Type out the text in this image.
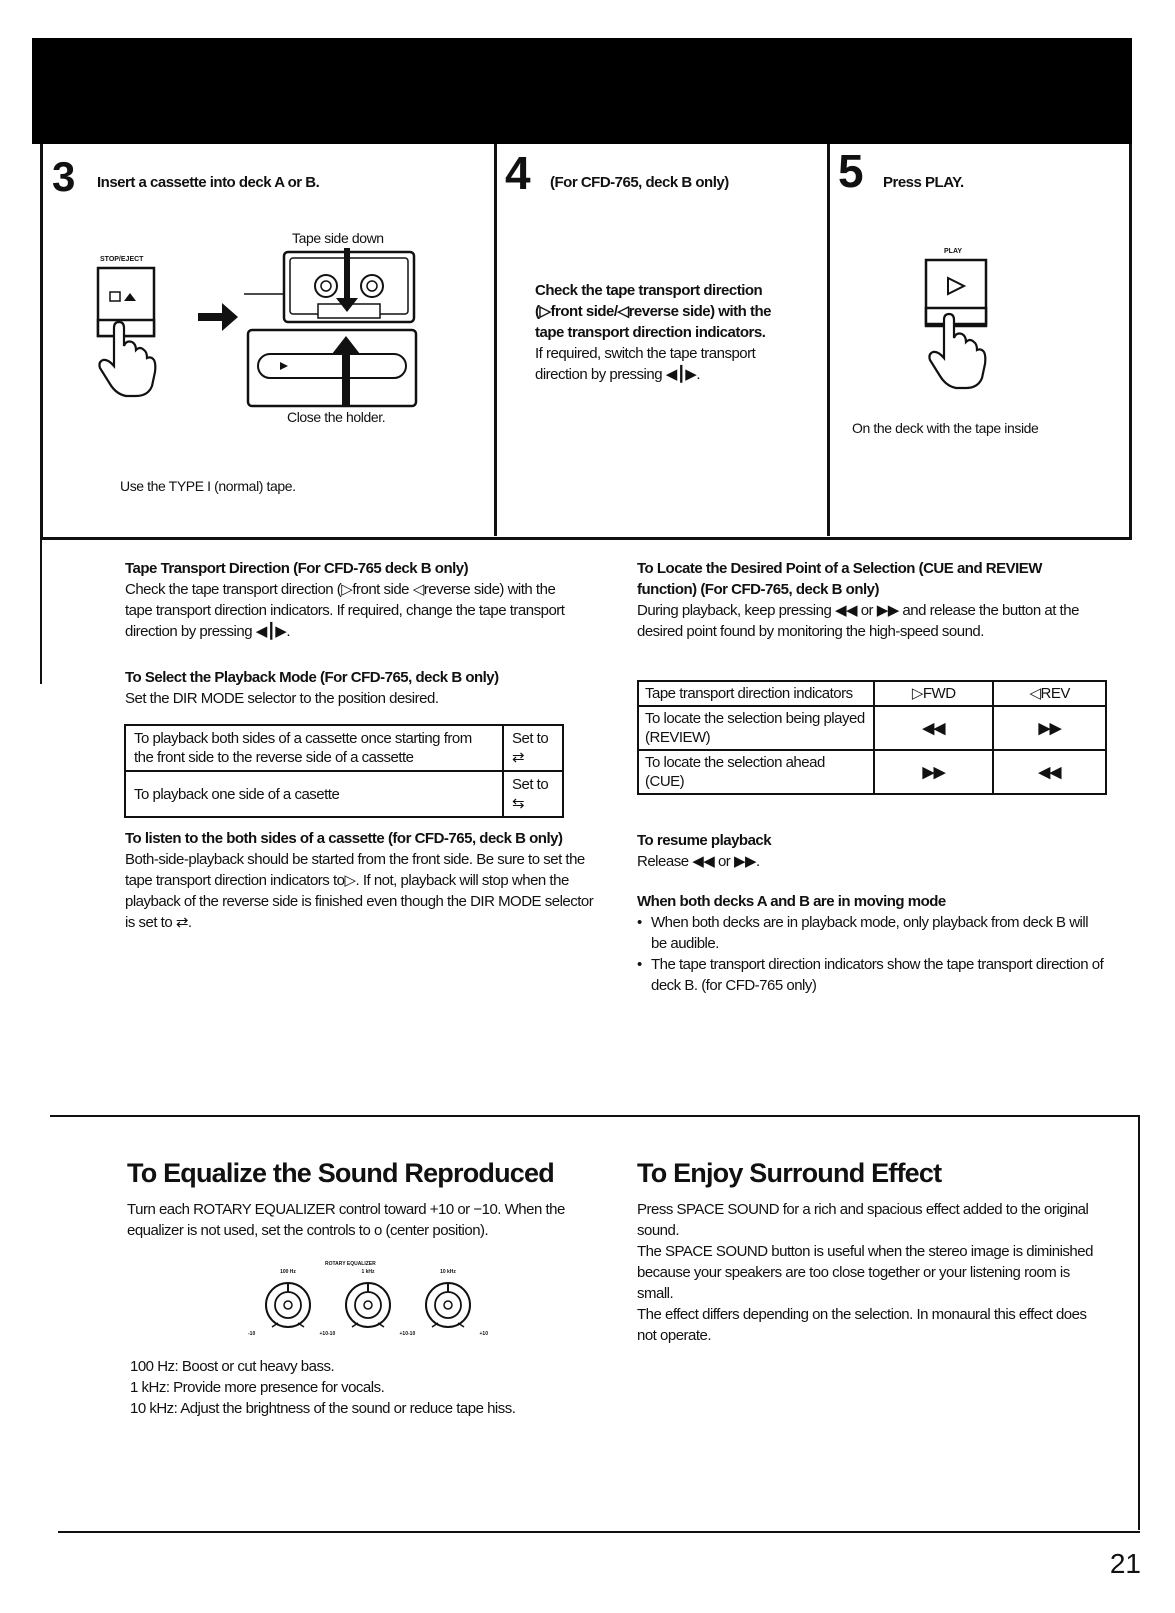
3 Insert a cassette into deck A or B.
STOP/EJECT
Tape side down
Close the holder.
Use the TYPE I (normal) tape.
4 (For CFD-765, deck B only)

Check the tape transport direction (▷front side/◁reverse side) with the tape transport direction indicators.

If required, switch the tape transport direction by pressing ◀┃▶.

5 Press PLAY.
PLAY
On the deck with the tape inside

Tape Transport Direction (For CFD-765 deck B only)

Check the tape transport direction (▷front side ◁reverse side) with the tape transport direction indicators. If required, change the tape transport direction by pressing ◀┃▶.

To Select the Playback Mode (For CFD-765, deck B only)

Set the DIR MODE selector to the position desired.

To playback both sides of a cassette once starting from the front side to the reverse side of a cassette	Set to ⇄
To playback one side of a casette	Set to ⇆

To listen to the both sides of a cassette (for CFD-765, deck B only)

Both-side-playback should be started from the front side. Be sure to set the tape transport direction indicators to▷. If not, playback will stop when the playback of the reverse side is finished even though the DIR MODE selector is set to ⇄.

To Locate the Desired Point of a Selection (CUE and REVIEW function) (For CFD-765, deck B only)

During playback, keep pressing ◀◀ or ▶▶ and release the button at the desired point found by monitoring the high-speed sound.

Tape transport direction indicators	▷FWD	◁REV
To locate the selection being played (REVIEW)	◀◀	▶▶
To locate the selection ahead (CUE)	▶▶	◀◀

To resume playback

Release ◀◀ or ▶▶.

When both decks A and B are in moving mode

• When both decks are in playback mode, only playback from deck B will be audible.
• The tape transport direction indicators show the tape transport direction of deck B. (for CFD-765 only)
To Equalize the Sound Reproduced
Turn each ROTARY EQUALIZER control toward +10 or −10. When the equalizer is not used, set the controls to o (center position).
ROTARY EQUALIZER
100 Hz
-10	+10
1 kHz
-10	+10
10 kHz
-10	+10

100 Hz: Boost or cut heavy bass.

1 kHz: Provide more presence for vocals.

10 kHz: Adjust the brightness of the sound or reduce tape hiss.

To Enjoy Surround Effect

Press SPACE SOUND for a rich and spacious effect added to the original sound.

The SPACE SOUND button is useful when the stereo image is diminished because your speakers are too close together or your listening room is small.

The effect differs depending on the selection. In monaural this effect does not operate.

21
